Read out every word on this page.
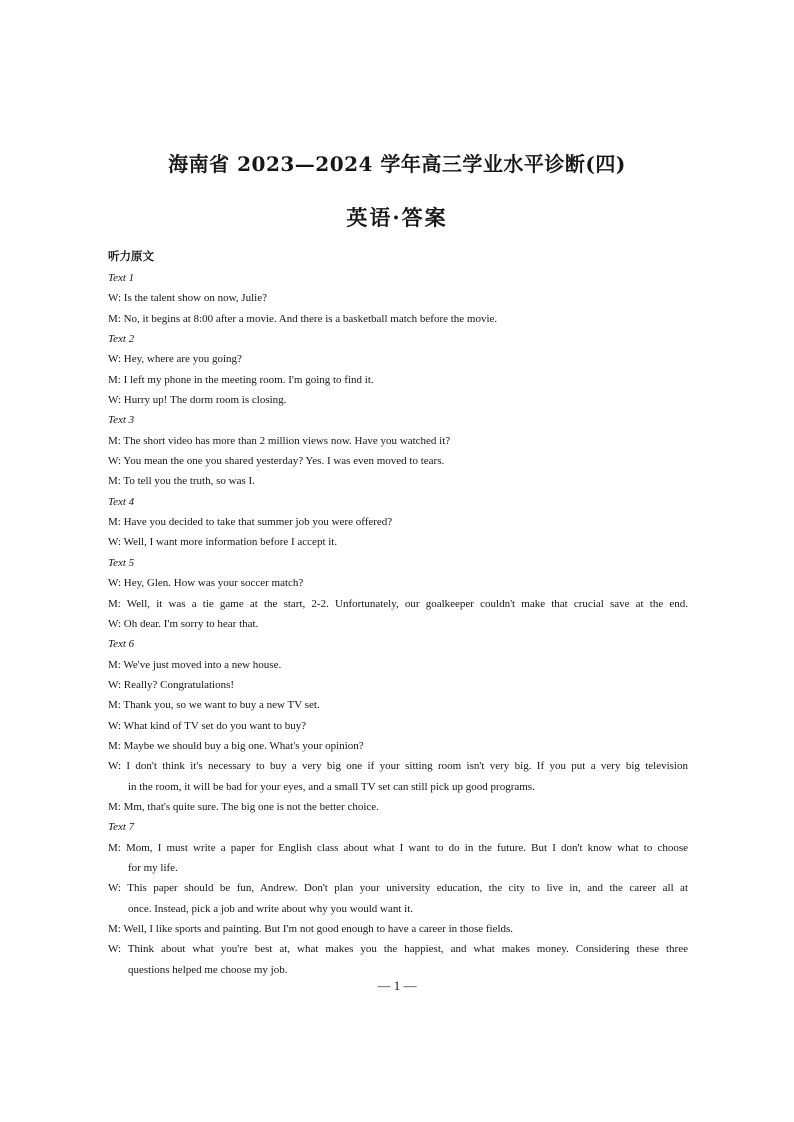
海南省 2023—2024 学年高三学业水平诊断(四)
英语·答案
听力原文

Text 1

W: Is the talent show on now, Julie?

M: No, it begins at 8:00 after a movie. And there is a basketball match before the movie.

Text 2

W: Hey, where are you going?

M: I left my phone in the meeting room. I'm going to find it.

W: Hurry up! The dorm room is closing.

Text 3

M: The short video has more than 2 million views now. Have you watched it?

W: You mean the one you shared yesterday? Yes. I was even moved to tears.

M: To tell you the truth, so was I.

Text 4

M: Have you decided to take that summer job you were offered?

W: Well, I want more information before I accept it.

Text 5

W: Hey, Glen. How was your soccer match?

M: Well, it was a tie game at the start, 2-2. Unfortunately, our goalkeeper couldn't make that crucial save at the end.

W: Oh dear. I'm sorry to hear that.

Text 6

M: We've just moved into a new house.

W: Really? Congratulations!

M: Thank you, so we want to buy a new TV set.

W: What kind of TV set do you want to buy?

M: Maybe we should buy a big one. What's your opinion?

W: I don't think it's necessary to buy a very big one if your sitting room isn't very big. If you put a very big television

in the room, it will be bad for your eyes, and a small TV set can still pick up good programs.

M: Mm, that's quite sure. The big one is not the better choice.

Text 7

M: Mom, I must write a paper for English class about what I want to do in the future. But I don't know what to choose

for my life.

W: This paper should be fun, Andrew. Don't plan your university education, the city to live in, and the career all at

once. Instead, pick a job and write about why you would want it.

M: Well, I like sports and painting. But I'm not good enough to have a career in those fields.

W: Think about what you're best at, what makes you the happiest, and what makes money. Considering these three

questions helped me choose my job.

— 1 —
